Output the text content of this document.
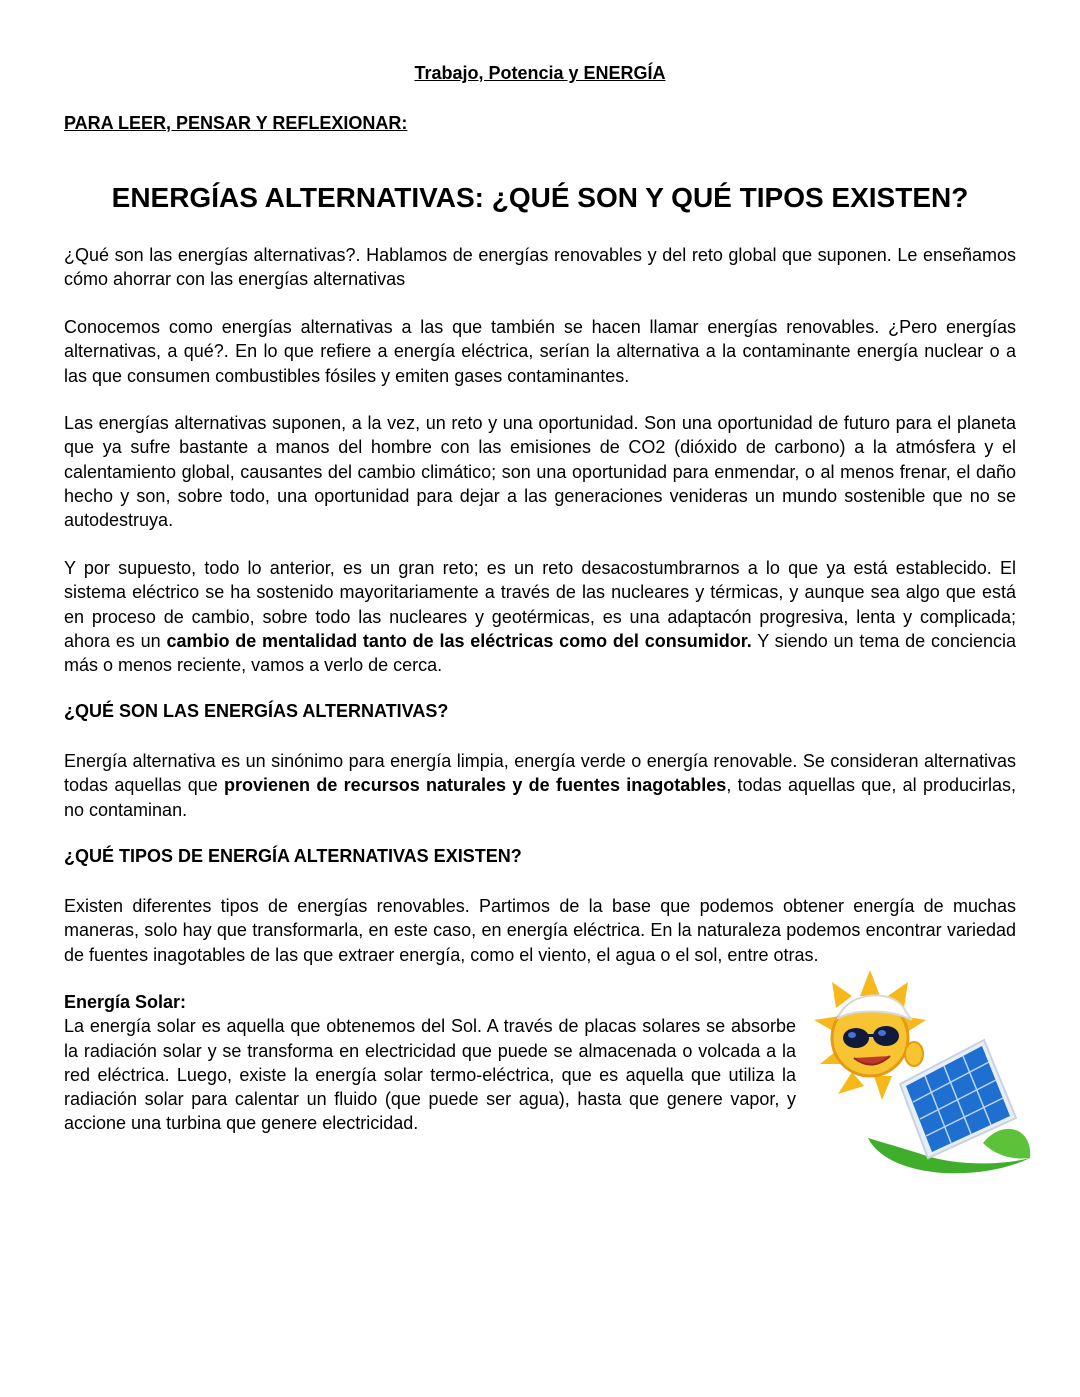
Trabajo, Potencia y ENERGÍA
PARA LEER, PENSAR Y REFLEXIONAR:
ENERGÍAS ALTERNATIVAS: ¿QUÉ SON Y QUÉ TIPOS EXISTEN?

¿Qué son las energías alternativas?. Hablamos de energías renovables y del reto global que suponen. Le enseñamos cómo ahorrar con las energías alternativas

Conocemos como energías alternativas a las que también se hacen llamar energías renovables. ¿Pero energías alternativas, a qué?. En lo que refiere a energía eléctrica, serían la alternativa a la contaminante energía nuclear o a las que consumen combustibles fósiles y emiten gases contaminantes.

Las energías alternativas suponen, a la vez, un reto y una oportunidad. Son una oportunidad de futuro para el planeta que ya sufre bastante a manos del hombre con las emisiones de CO2 (dióxido de carbono) a la atmósfera y el calentamiento global, causantes del cambio climático; son una oportunidad para enmendar, o al menos frenar, el daño hecho y son, sobre todo, una oportunidad para dejar a las generaciones venideras un mundo sostenible que no se autodestruya.

Y por supuesto, todo lo anterior, es un gran reto; es un reto desacostumbrarnos a lo que ya está establecido. El sistema eléctrico se ha sostenido mayoritariamente a través de las nucleares y térmicas, y aunque sea algo que está en proceso de cambio, sobre todo las nucleares y geotérmicas, es una adaptacón progresiva, lenta y complicada; ahora es un cambio de mentalidad tanto de las eléctricas como del consumidor. Y siendo un tema de conciencia más o menos reciente, vamos a verlo de cerca.

¿QUÉ SON LAS ENERGÍAS ALTERNATIVAS?

Energía alternativa es un sinónimo para energía limpia, energía verde o energía renovable. Se consideran alternativas todas aquellas que provienen de recursos naturales y de fuentes inagotables, todas aquellas que, al producirlas, no contaminan.

¿QUÉ TIPOS DE ENERGÍA ALTERNATIVAS EXISTEN?

Existen diferentes tipos de energías renovables. Partimos de la base que podemos obtener energía de muchas maneras, solo hay que transformarla, en este caso, en energía eléctrica. En la naturaleza podemos encontrar variedad de fuentes inagotables de las que extraer energía, como el viento, el agua o el sol, entre otras.

Energía Solar:

La energía solar es aquella que obtenemos del Sol. A través de placas solares se absorbe la radiación solar y se transforma en electricidad que puede se almacenada o volcada a la red eléctrica. Luego, existe la energía solar termo-eléctrica, que es aquella que utiliza la radiación solar para calentar un fluido (que puede ser agua), hasta que genere vapor, y accione una turbina que genere electricidad.
